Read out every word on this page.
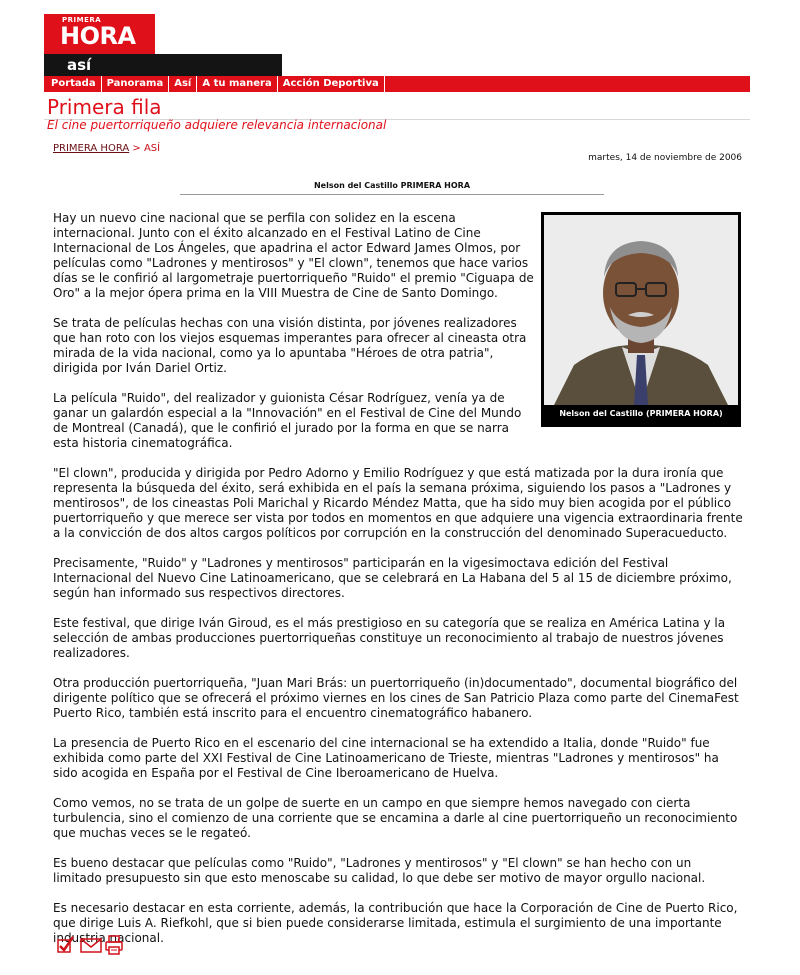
PRIMERA
HORA
así
Portada	Panorama	Así	A tu manera	Acción Deportiva
Primera fila
El cine puertorriqueño adquiere relevancia internacional
PRIMERA HORA > ASÍ
martes, 14 de noviembre de 2006
Nelson del Castillo PRIMERA HORA
Nelson del Castillo (PRIMERA HORA)

Hay un nuevo cine nacional que se perfila con solidez en la escena internacional. Junto con el éxito alcanzado en el Festival Latino de Cine Internacional de Los Ángeles, que apadrina el actor Edward James Olmos, por películas como "Ladrones y mentirosos" y "El clown", tenemos que hace varios días se le confirió al largometraje puertorriqueño "Ruido" el premio "Ciguapa de Oro" a la mejor ópera prima en la VIII Muestra de Cine de Santo Domingo.

Se trata de películas hechas con una visión distinta, por jóvenes realizadores que han roto con los viejos esquemas imperantes para ofrecer al cineasta otra mirada de la vida nacional, como ya lo apuntaba "Héroes de otra patria", dirigida por Iván Dariel Ortiz.

La película "Ruido", del realizador y guionista César Rodríguez, venía ya de ganar un galardón especial a la "Innovación" en el Festival de Cine del Mundo de Montreal (Canadá), que le confirió el jurado por la forma en que se narra esta historia cinematográfica.

"El clown", producida y dirigida por Pedro Adorno y Emilio Rodríguez y que está matizada por la dura ironía que representa la búsqueda del éxito, será exhibida en el país la semana próxima, siguiendo los pasos a "Ladrones y mentirosos", de los cineastas Poli Marichal y Ricardo Méndez Matta, que ha sido muy bien acogida por el público puertorriqueño y que merece ser vista por todos en momentos en que adquiere una vigencia extraordinaria frente a la convicción de dos altos cargos políticos por corrupción en la construcción del denominado Superacueducto.

Precisamente, "Ruido" y "Ladrones y mentirosos" participarán en la vigesimoctava edición del Festival Internacional del Nuevo Cine Latinoamericano, que se celebrará en La Habana del 5 al 15 de diciembre próximo, según han informado sus respectivos directores.

Este festival, que dirige Iván Giroud, es el más prestigioso en su categoría que se realiza en América Latina y la selección de ambas producciones puertorriqueñas constituye un reconocimiento al trabajo de nuestros jóvenes realizadores.

Otra producción puertorriqueña, "Juan Mari Brás: un puertorriqueño (in)documentado", documental biográfico del dirigente político que se ofrecerá el próximo viernes en los cines de San Patricio Plaza como parte del CinemaFest Puerto Rico, también está inscrito para el encuentro cinematográfico habanero.

La presencia de Puerto Rico en el escenario del cine internacional se ha extendido a Italia, donde "Ruido" fue exhibida como parte del XXI Festival de Cine Latinoamericano de Trieste, mientras "Ladrones y mentirosos" ha sido acogida en España por el Festival de Cine Iberoamericano de Huelva.

Como vemos, no se trata de un golpe de suerte en un campo en que siempre hemos navegado con cierta turbulencia, sino el comienzo de una corriente que se encamina a darle al cine puertorriqueño un reconocimiento que muchas veces se le regateó.

Es bueno destacar que películas como "Ruido", "Ladrones y mentirosos" y "El clown" se han hecho con un limitado presupuesto sin que esto menoscabe su calidad, lo que debe ser motivo de mayor orgullo nacional.

Es necesario destacar en esta corriente, además, la contribución que hace la Corporación de Cine de Puerto Rico, que dirige Luis A. Riefkohl, que si bien puede considerarse limitada, estimula el surgimiento de una importante industria nacional.
